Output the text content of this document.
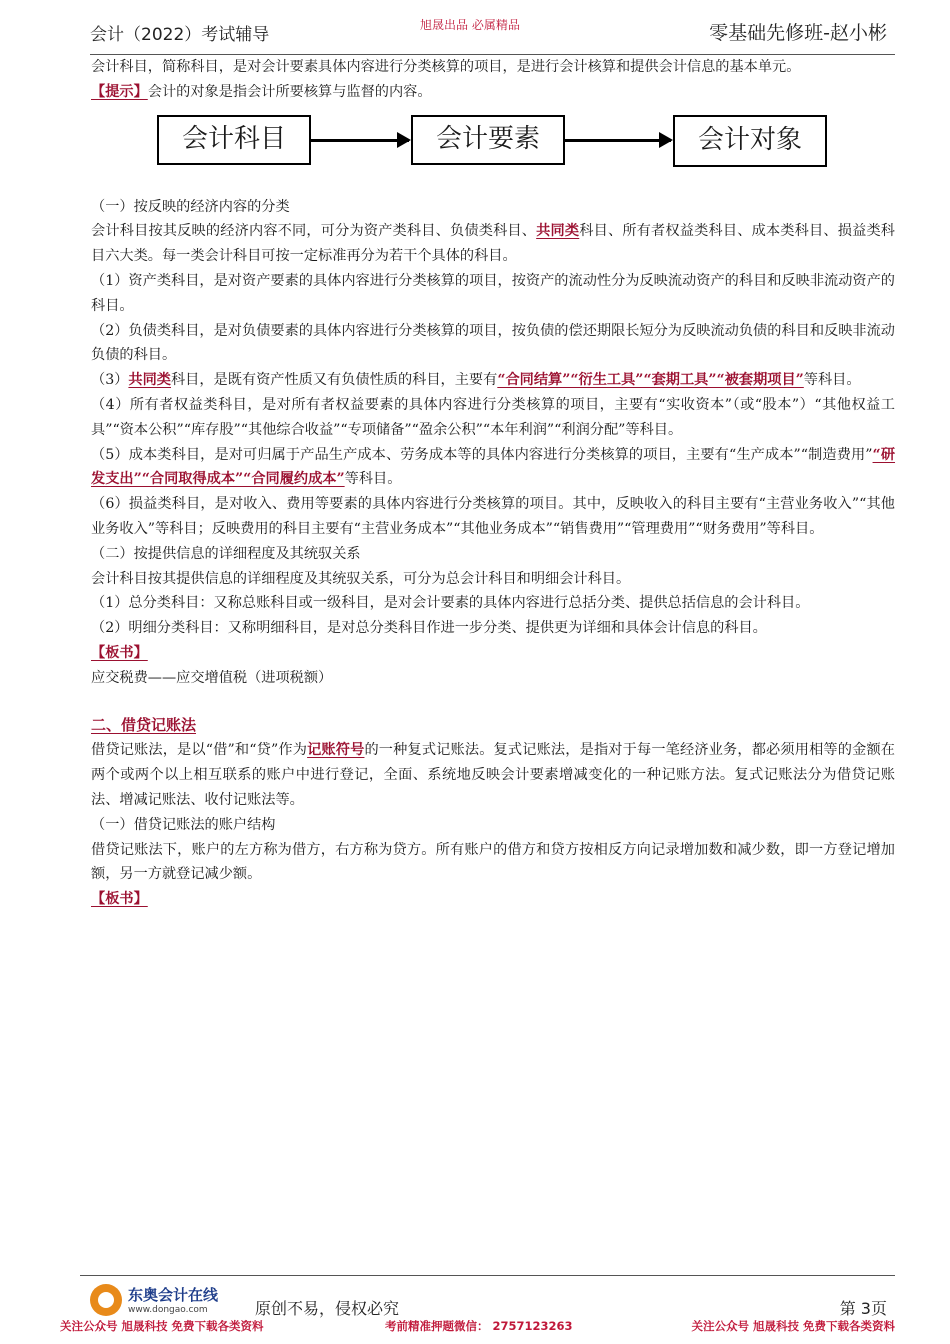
会计（2022）考试辅导	旭晟出品 必属精品	零基础先修班-赵小彬

会计科目，简称科目，是对会计要素具体内容进行分类核算的项目，是进行会计核算和提供会计信息的基本单元。

【提示】会计的对象是指会计所要核算与监督的内容。

会计科目	会计要素	会计对象

（一）按反映的经济内容的分类

会计科目按其反映的经济内容不同，可分为资产类科目、负债类科目、共同类科目、所有者权益类科目、成本类科目、损益类科目六大类。每一类会计科目可按一定标准再分为若干个具体的科目。

（1）资产类科目，是对资产要素的具体内容进行分类核算的项目，按资产的流动性分为反映流动资产的科目和反映非流动资产的科目。

（2）负债类科目，是对负债要素的具体内容进行分类核算的项目，按负债的偿还期限长短分为反映流动负债的科目和反映非流动负债的科目。

（3）共同类科目，是既有资产性质又有负债性质的科目，主要有“合同结算”“衍生工具”“套期工具”“被套期项目”等科目。

（4）所有者权益类科目，是对所有者权益要素的具体内容进行分类核算的项目，主要有“实收资本”（或“股本”）“其他权益工具”“资本公积”“库存股”“其他综合收益”“专项储备”“盈余公积”“本年利润”“利润分配”等科目。

（5）成本类科目，是对可归属于产品生产成本、劳务成本等的具体内容进行分类核算的项目，主要有“生产成本”“制造费用”“研发支出”“合同取得成本”“合同履约成本”等科目。

（6）损益类科目，是对收入、费用等要素的具体内容进行分类核算的项目。其中，反映收入的科目主要有“主营业务收入”“其他业务收入”等科目；反映费用的科目主要有“主营业务成本”“其他业务成本”“销售费用”“管理费用”“财务费用”等科目。

（二）按提供信息的详细程度及其统驭关系

会计科目按其提供信息的详细程度及其统驭关系，可分为总会计科目和明细会计科目。

（1）总分类科目：又称总账科目或一级科目，是对会计要素的具体内容进行总括分类、提供总括信息的会计科目。

（2）明细分类科目：又称明细科目，是对总分类科目作进一步分类、提供更为详细和具体会计信息的科目。

【板书】

应交税费——应交增值税（进项税额）

二、借贷记账法

借贷记账法，是以“借”和“贷”作为记账符号的一种复式记账法。复式记账法，是指对于每一笔经济业务，都必须用相等的金额在两个或两个以上相互联系的账户中进行登记，全面、系统地反映会计要素增减变化的一种记账方法。复式记账法分为借贷记账法、增减记账法、收付记账法等。

（一）借贷记账法的账户结构

借贷记账法下，账户的左方称为借方，右方称为贷方。所有账户的借方和贷方按相反方向记录增加数和减少数，即一方登记增加额，另一方就登记减少额。

【板书】

东奥会计在线
www.dongao.com	原创不易，侵权必究	第 3页
关注公众号 旭晟科技 免费下载各类资料	考前精准押题微信： 2757123263	关注公众号 旭晟科技 免费下载各类资料
